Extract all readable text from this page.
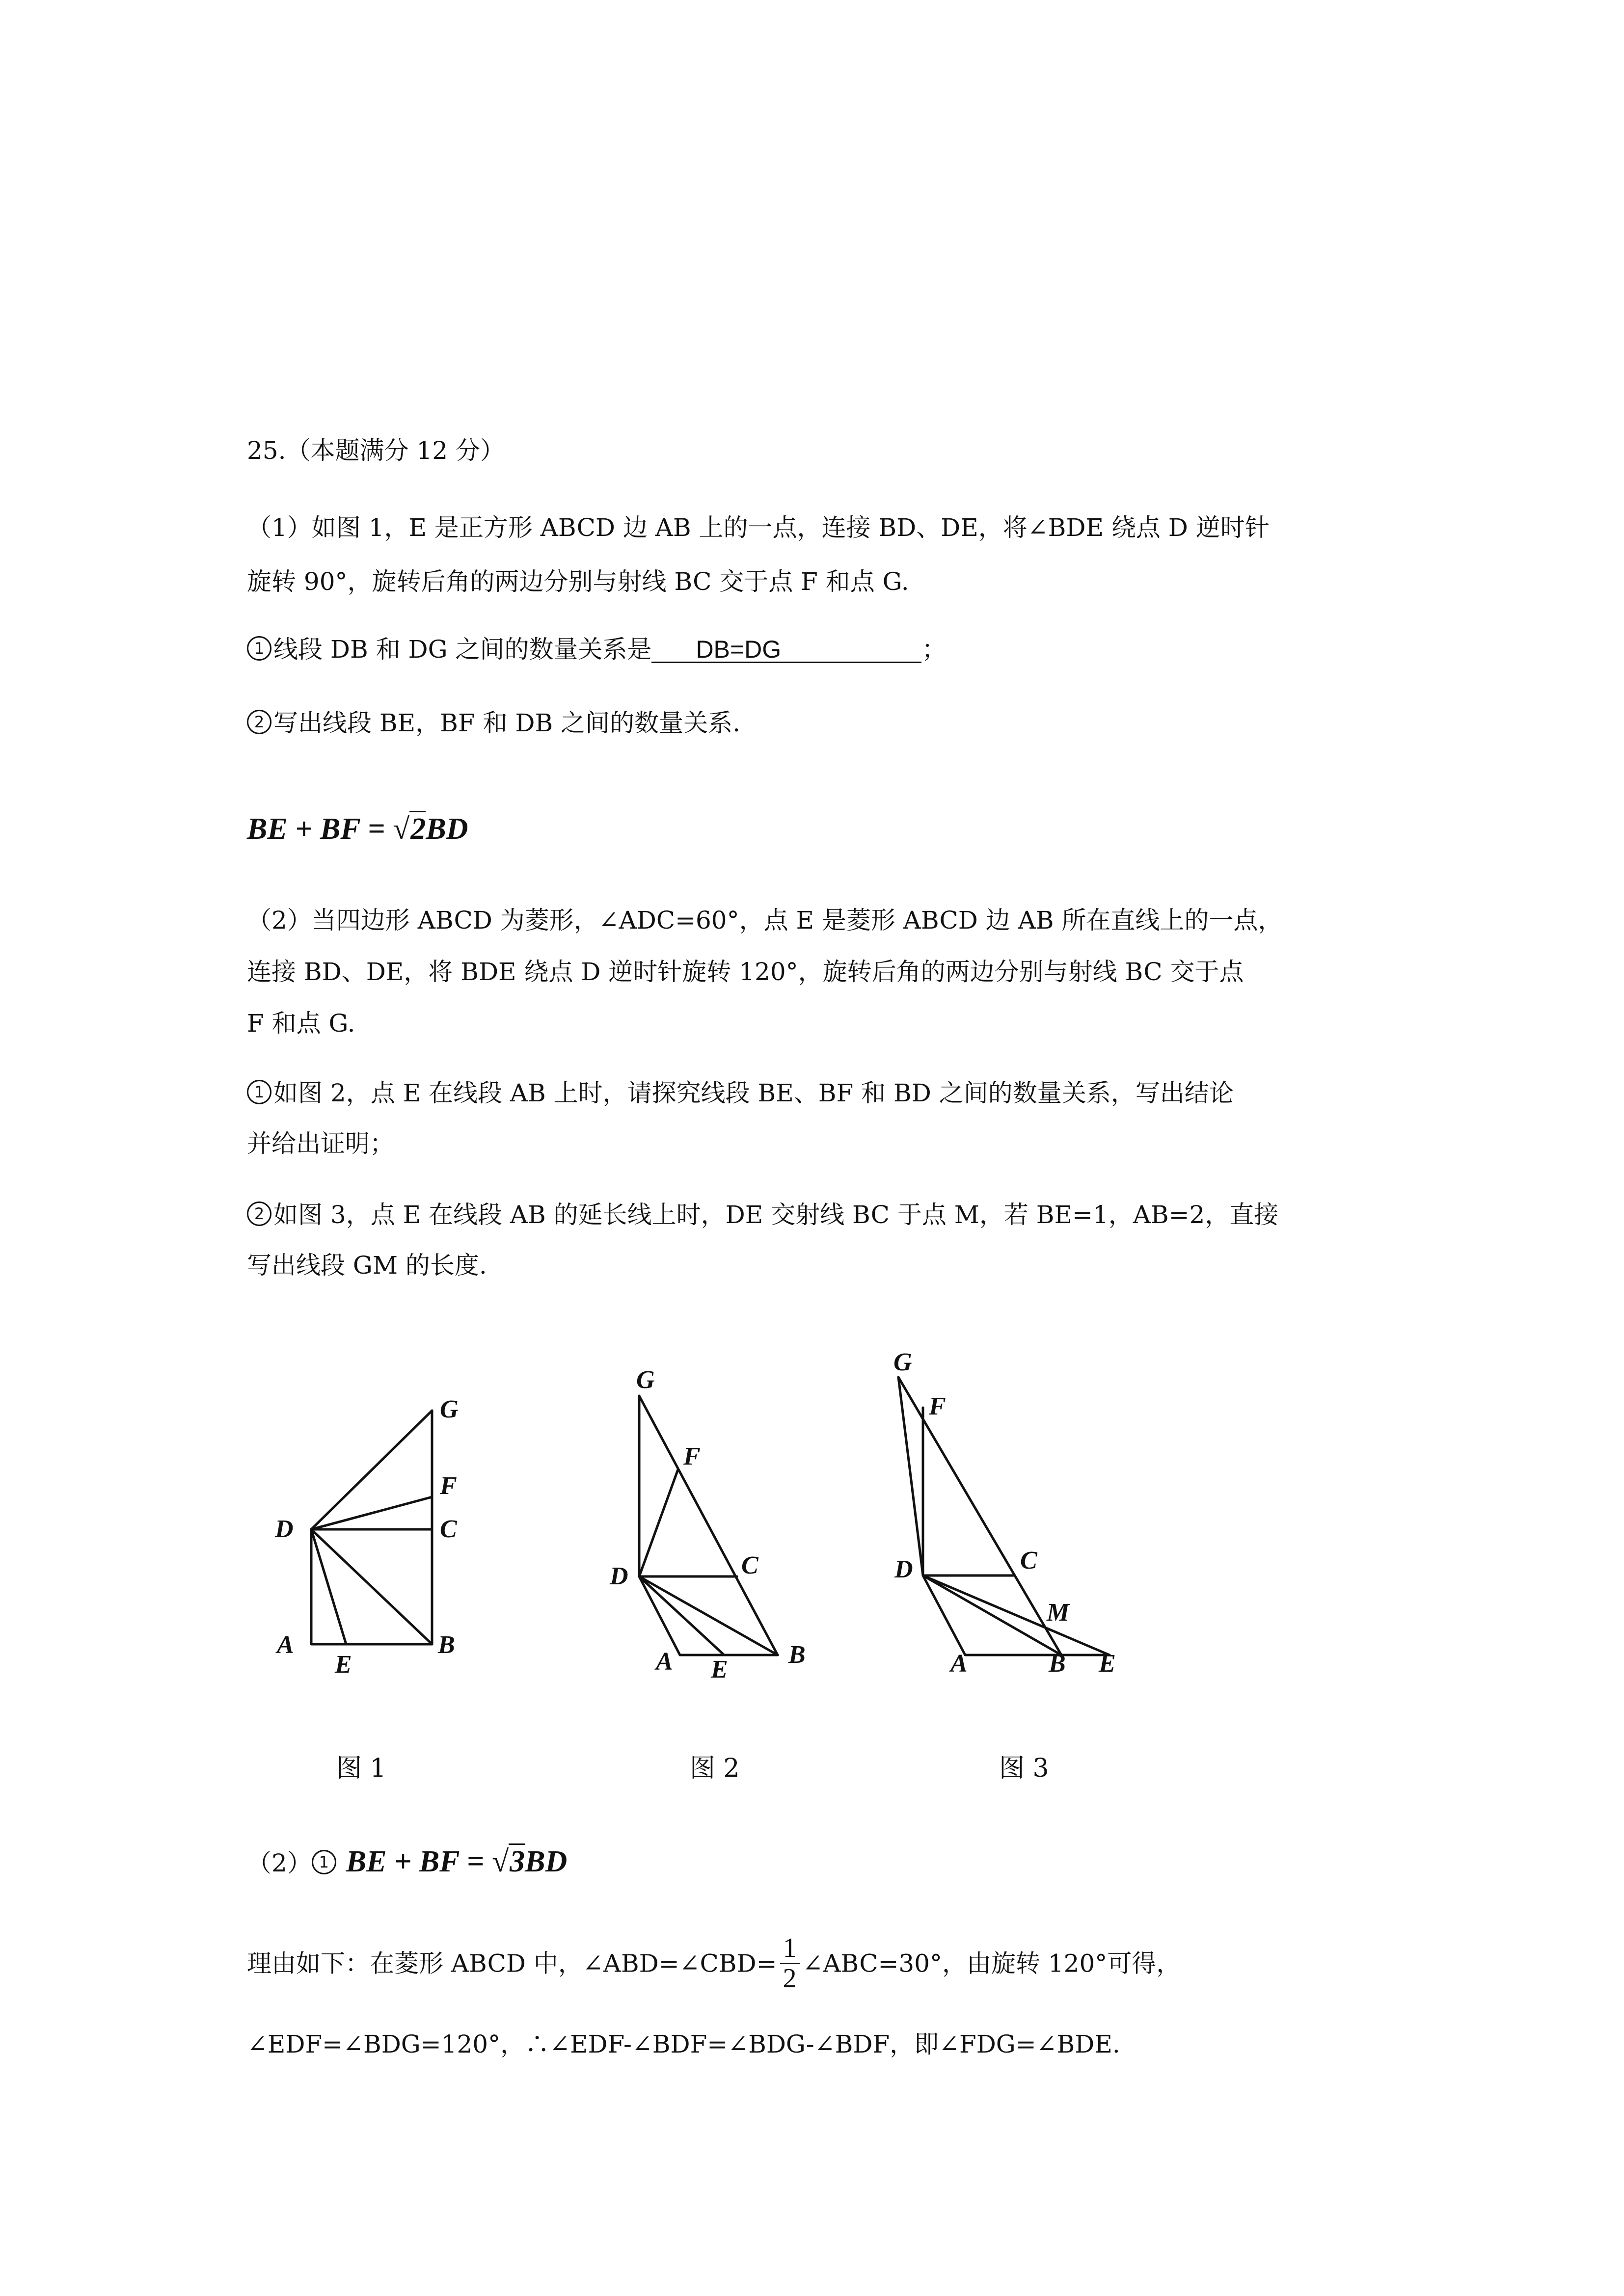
25.（本题满分 12 分）
（1）如图 1，E 是正方形 ABCD 边 AB 上的一点，连接 BD、DE，将∠BDE 绕点 D 逆时针
旋转 90°，旋转后角的两边分别与射线 BC 交于点 F 和点 G.
1 线段 DB 和 DG 之间的数量关系是 DB=DG	；
2 写出线段 BE，BF 和 DB 之间的数量关系.
BE + BF = √2BD
（2）当四边形 ABCD 为菱形，∠ADC=60°，点 E 是菱形 ABCD 边 AB 所在直线上的一点，
连接 BD、DE，将 BDE 绕点 D 逆时针旋转 120°，旋转后角的两边分别与射线 BC 交于点
F 和点 G.
1 如图 2，点 E 在线段 AB 上时，请探究线段 BE、BF 和 BD 之间的数量关系，写出结论
并给出证明；
2 如图 3，点 E 在线段 AB 的延长线上时，DE 交射线 BC 于点 M，若 BE=1，AB=2，直接
写出线段 GM 的长度.
G
F
C
D
A
E
B
G
F
C
D
A E
B
G
F
C
D
M
A	B E
图 1	图 2	图 3
（2） 1 BE + BF = √3BD
理由如下：在菱形 ABCD 中，∠ABD=∠CBD= $\frac{1}{2}$ ∠ABC=30°，由旋转 120°可得，
∠EDF=∠BDG=120°，∴∠EDF-∠BDF=∠BDG-∠BDF，即∠FDG=∠BDE.
